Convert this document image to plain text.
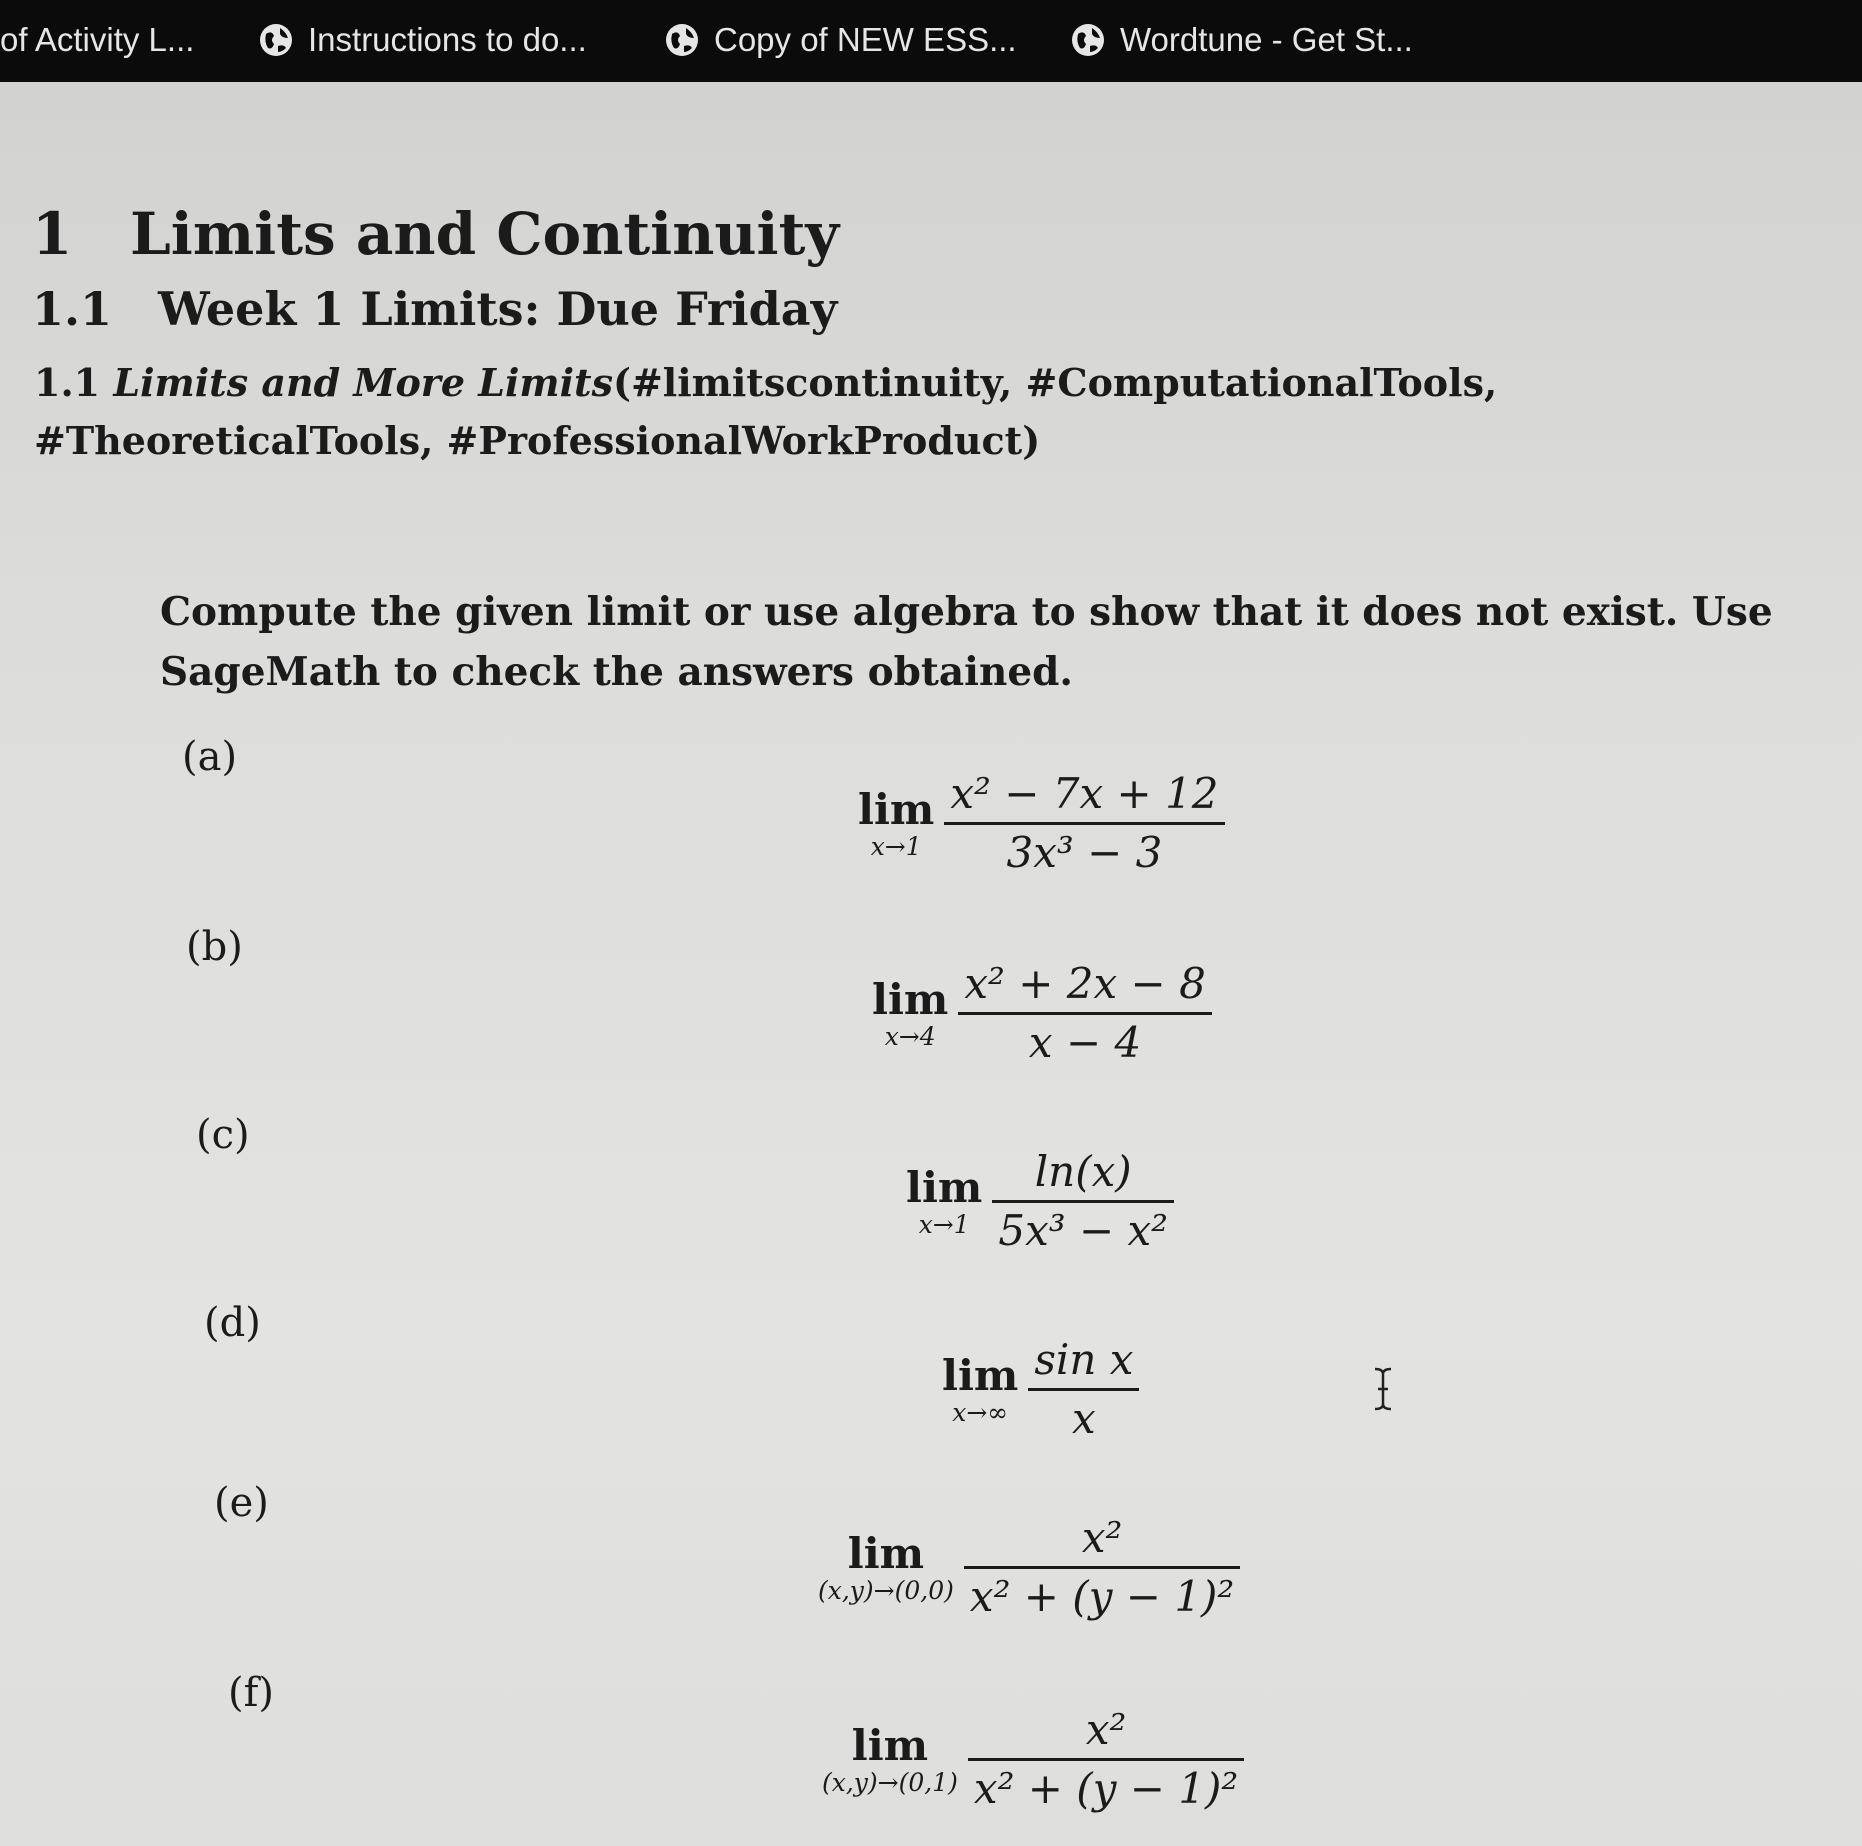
of Activity L...	Instructions to do...	Copy of NEW ESS...	Wordtune - Get St...
1 Limits and Continuity
1.1 Week 1 Limits: Due Friday
1.1 Limits and More Limits(#limitscontinuity, #ComputationalTools, #TheoreticalTools, #ProfessionalWorkProduct)
Compute the given limit or use algebra to show that it does not exist. Use SageMath to check the answers obtained.
(a)
lim
$x\to 1 \frac{\text{x² − 7x + 12}}{\text{3x³ − 3}}$
(b)
lim
$x\to 4 \frac{\text{x² + 2x − 8}}{x - 4}$
(c)
lim
$x\to 1 \frac{\ln(x)}{\text{5x³ − x²}}$
(d)
lim
$x\to\infty \frac{\text{sin x}}{x}$
(e)
lim
$(x,y)\to(0,0) \frac{\text{x²}}{\text{x² + (y − 1)²}}$
(f)
lim
$(x,y)\to(0,1) \frac{\text{x²}}{\text{x² + (y − 1)²}}$
